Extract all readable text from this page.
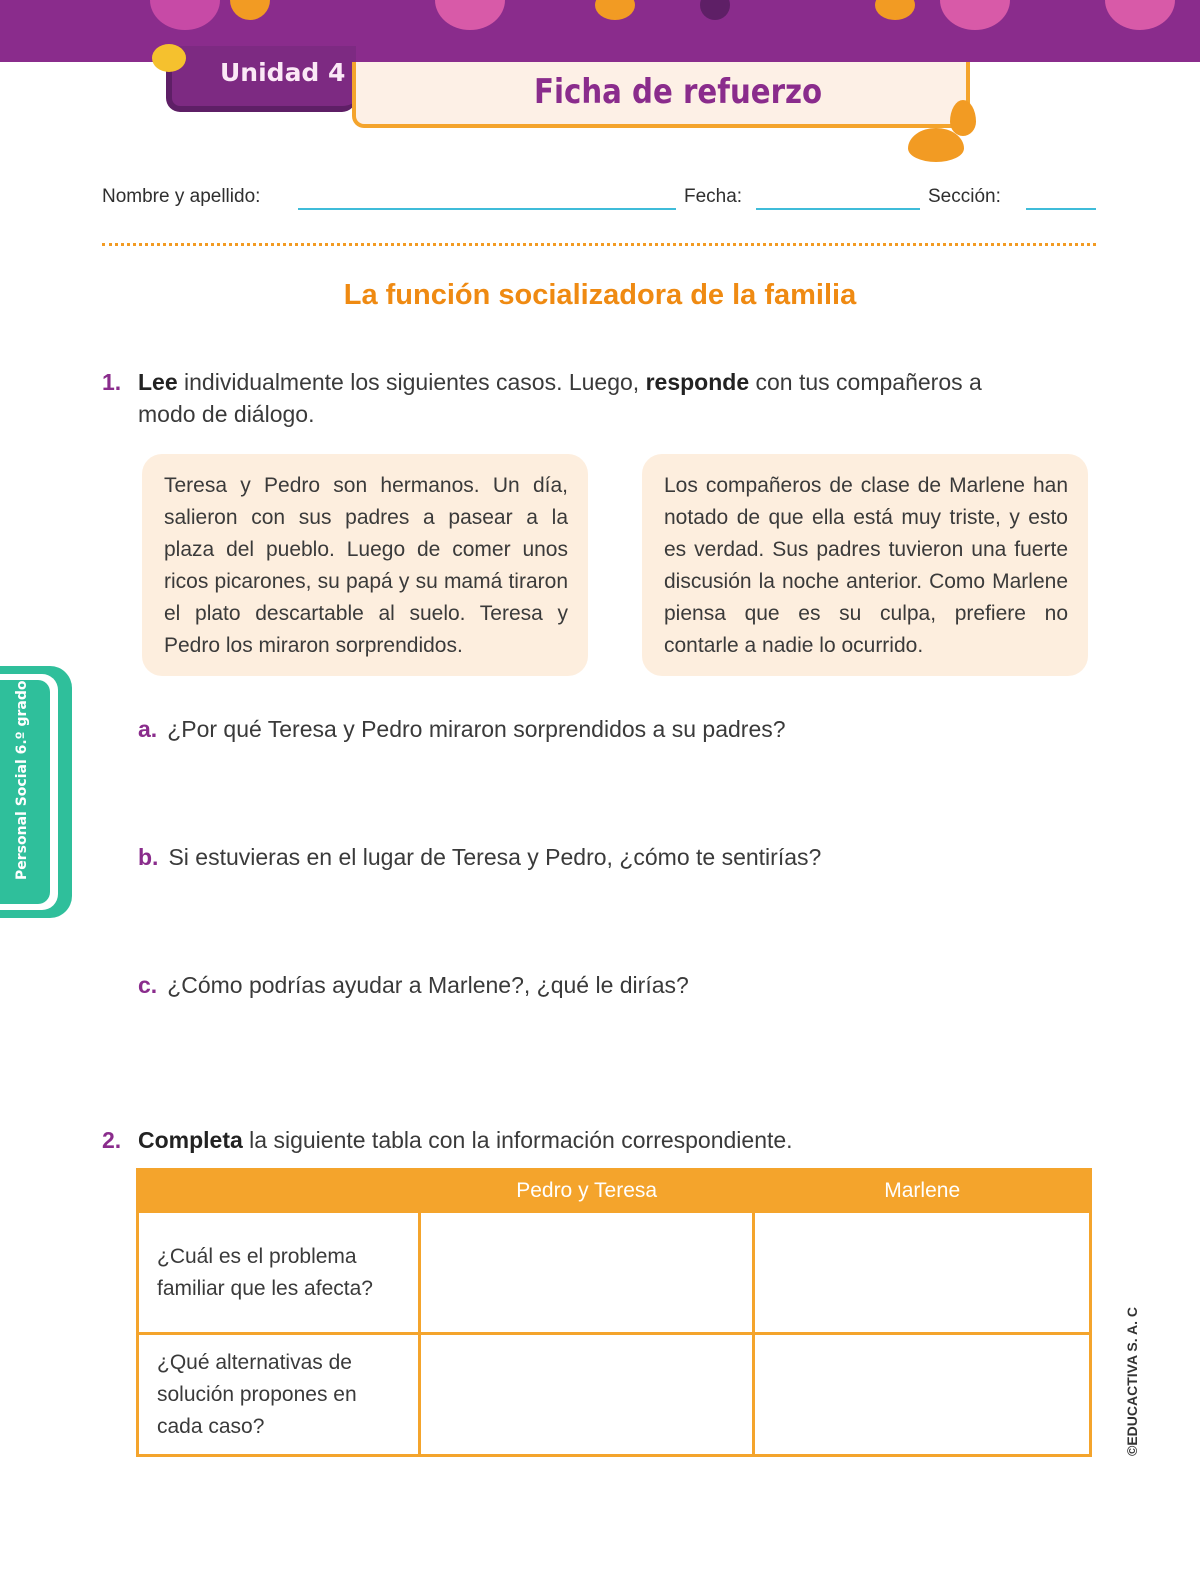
Unidad 4	Ficha de refuerzo
Nombre y apellido:	Fecha:	Sección:
La función socializadora de la familia
1. Lee individualmente los siguientes casos. Luego, responde con tus compañeros a
modo de diálogo.
Teresa y Pedro son hermanos. Un día, salieron con sus padres a pasear a la plaza del pueblo. Luego de comer unos ricos picarones, su papá y su mamá tiraron el plato descartable al suelo. Teresa y Pedro los miraron sorprendidos.
Los compañeros de clase de Marlene han notado de que ella está muy triste, y esto es verdad. Sus padres tuvieron una fuerte discusión la noche anterior. Como Marlene piensa que es su culpa, prefiere no contarle a nadie lo ocurrido.
a. ¿Por qué Teresa y Pedro miraron sorprendidos a su padres?
b. Si estuvieras en el lugar de Teresa y Pedro, ¿cómo te sentirías?
c. ¿Cómo podrías ayudar a Marlene?, ¿qué le dirías?
2. Completa la siguiente tabla con la información correspondiente.
	Pedro y Teresa	Marlene

¿Cuál es el problema familiar que les afecta?		

¿Qué alternativas de solución propones en cada caso?		

Personal Social 6.º grado
©EDUCACTIVA S. A. C
